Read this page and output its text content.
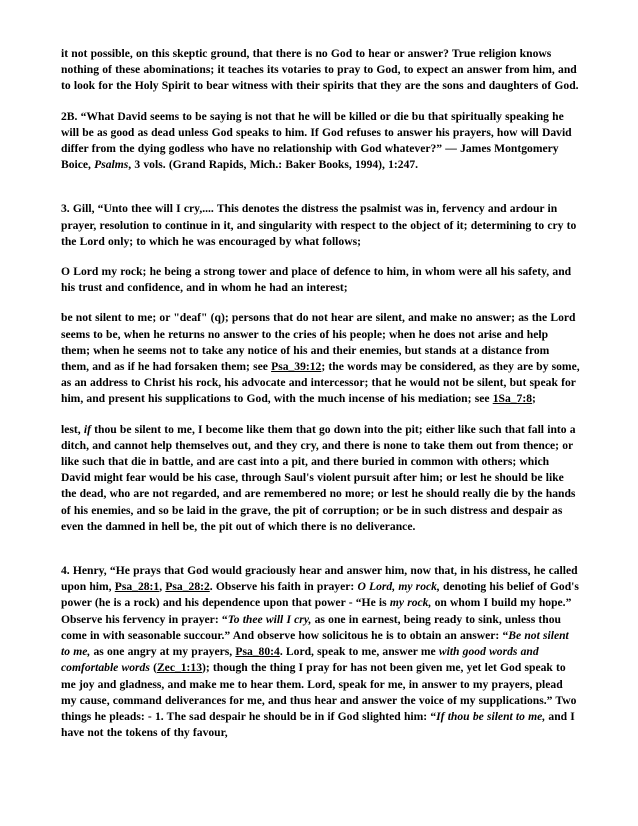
it not possible, on this skeptic ground, that there is no God to hear or answer? True religion knows nothing of these abominations; it teaches its votaries to pray to God, to expect an answer from him, and to look for the Holy Spirit to bear witness with their spirits that they are the sons and daughters of God.

2B. “What David seems to be saying is not that he will be killed or die bu that spiritually speaking he will be as good as dead unless God speaks to him. If God refuses to answer his prayers, how will David differ from the dying godless who have no relationship with God whatever?” — James Montgomery Boice, Psalms, 3 vols. (Grand Rapids, Mich.: Baker Books, 1994), 1:247.

3. Gill, “Unto thee will I cry,.... This denotes the distress the psalmist was in, fervency and ardour in prayer, resolution to continue in it, and singularity with respect to the object of it; determining to cry to the Lord only; to which he was encouraged by what follows;

O Lord my rock; he being a strong tower and place of defence to him, in whom were all his safety, and his trust and confidence, and in whom he had an interest;

be not silent to me; or "deaf" (q); persons that do not hear are silent, and make no answer; as the Lord seems to be, when he returns no answer to the cries of his people; when he does not arise and help them; when he seems not to take any notice of his and their enemies, but stands at a distance from them, and as if he had forsaken them; see Psa_39:12; the words may be considered, as they are by some, as an address to Christ his rock, his advocate and intercessor; that he would not be silent, but speak for him, and present his supplications to God, with the much incense of his mediation; see 1Sa_7:8;

lest, if thou be silent to me, I become like them that go down into the pit; either like such that fall into a ditch, and cannot help themselves out, and they cry, and there is none to take them out from thence; or like such that die in battle, and are cast into a pit, and there buried in common with others; which David might fear would be his case, through Saul's violent pursuit after him; or lest he should be like the dead, who are not regarded, and are remembered no more; or lest he should really die by the hands of his enemies, and so be laid in the grave, the pit of corruption; or be in such distress and despair as even the damned in hell be, the pit out of which there is no deliverance.

4. Henry, “He prays that God would graciously hear and answer him, now that, in his distress, he called upon him, Psa_28:1, Psa_28:2. Observe his faith in prayer: O Lord, my rock, denoting his belief of God's power (he is a rock) and his dependence upon that power - “He is my rock, on whom I build my hope.” Observe his fervency in prayer: “To thee will I cry, as one in earnest, being ready to sink, unless thou come in with seasonable succour.” And observe how solicitous he is to obtain an answer: “Be not silent to me, as one angry at my prayers, Psa_80:4. Lord, speak to me, answer me with good words and comfortable words (Zec_1:13); though the thing I pray for has not been given me, yet let God speak to me joy and gladness, and make me to hear them. Lord, speak for me, in answer to my prayers, plead my cause, command deliverances for me, and thus hear and answer the voice of my supplications.” Two things he pleads: - 1. The sad despair he should be in if God slighted him: “If thou be silent to me, and I have not the tokens of thy favour,
